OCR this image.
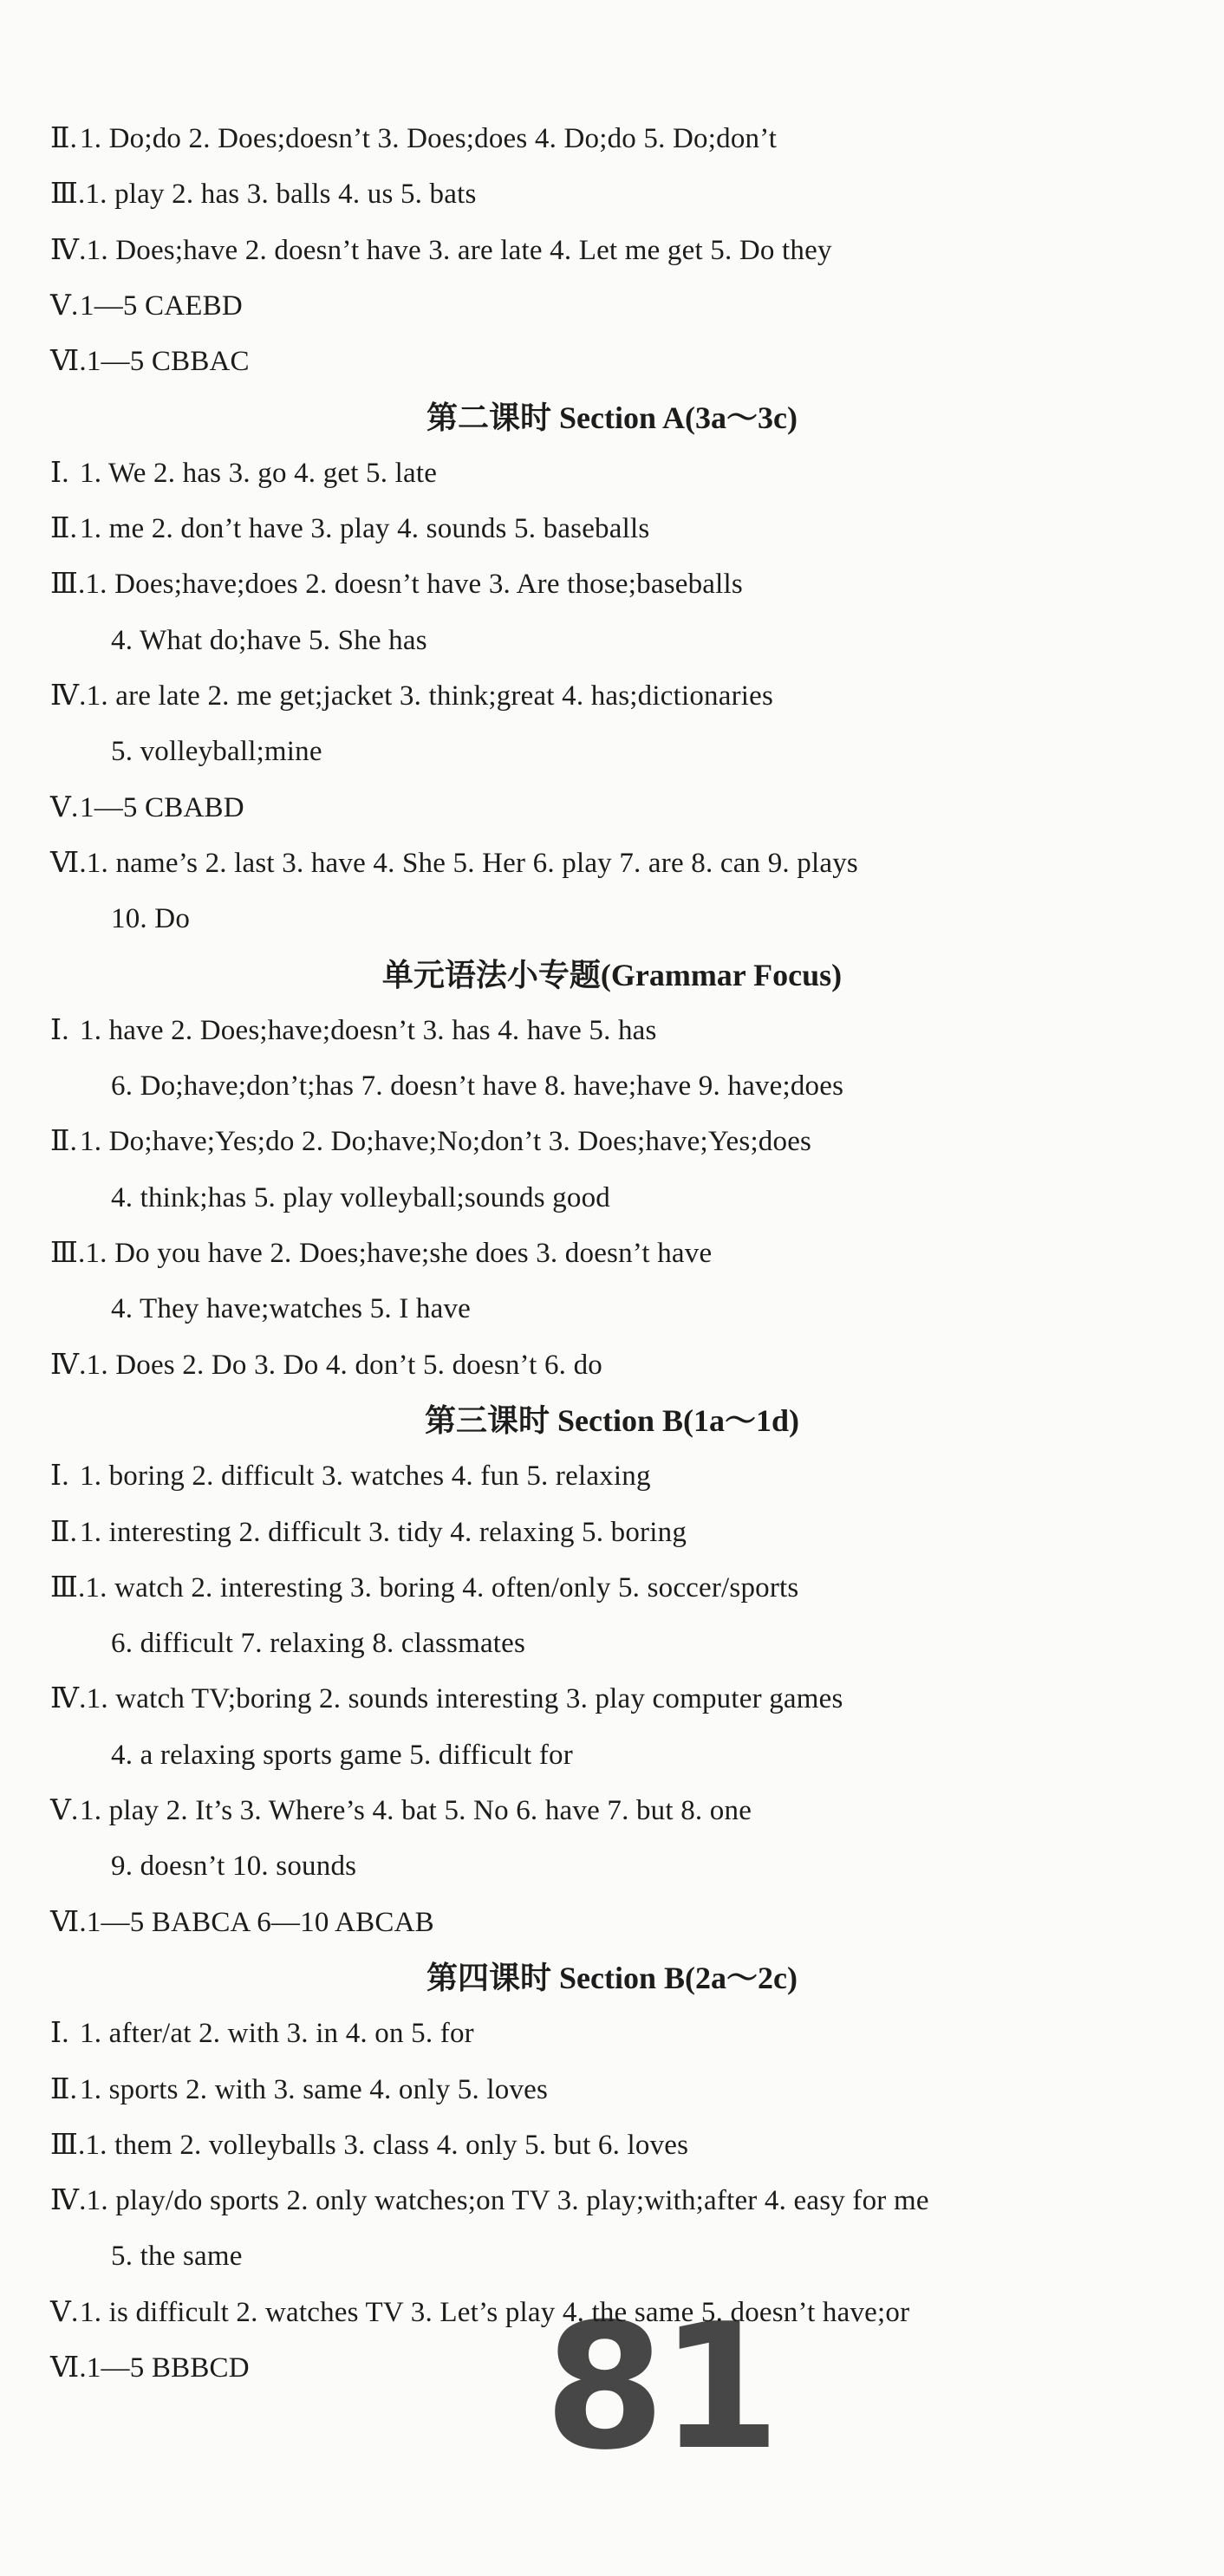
81
Ⅱ.1. Do;do 2. Does;doesn’t 3. Does;does 4. Do;do 5. Do;don’t
Ⅲ.1. play 2. has 3. balls 4. us 5. bats
Ⅳ.1. Does;have 2. doesn’t have 3. are late 4. Let me get 5. Do they
Ⅴ.1—5 CAEBD
Ⅵ.1—5 CBBAC
第二课时 Section A(3a～3c)
Ⅰ. 1. We 2. has 3. go 4. get 5. late
Ⅱ.1. me 2. don’t have 3. play 4. sounds 5. baseballs
Ⅲ.1. Does;have;does 2. doesn’t have 3. Are those;baseballs
4. What do;have 5. She has
Ⅳ.1. are late 2. me get;jacket 3. think;great 4. has;dictionaries
5. volleyball;mine
Ⅴ.1—5 CBABD
Ⅵ.1. name’s 2. last 3. have 4. She 5. Her 6. play 7. are 8. can 9. plays
10. Do
单元语法小专题(Grammar Focus)
Ⅰ. 1. have 2. Does;have;doesn’t 3. has 4. have 5. has
6. Do;have;don’t;has 7. doesn’t have 8. have;have 9. have;does
Ⅱ.1. Do;have;Yes;do 2. Do;have;No;don’t 3. Does;have;Yes;does
4. think;has 5. play volleyball;sounds good
Ⅲ.1. Do you have 2. Does;have;she does 3. doesn’t have
4. They have;watches 5. I have
Ⅳ.1. Does 2. Do 3. Do 4. don’t 5. doesn’t 6. do
第三课时 Section B(1a～1d)
Ⅰ. 1. boring 2. difficult 3. watches 4. fun 5. relaxing
Ⅱ.1. interesting 2. difficult 3. tidy 4. relaxing 5. boring
Ⅲ.1. watch 2. interesting 3. boring 4. often/only 5. soccer/sports
6. difficult 7. relaxing 8. classmates
Ⅳ.1. watch TV;boring 2. sounds interesting 3. play computer games
4. a relaxing sports game 5. difficult for
Ⅴ.1. play 2. It’s 3. Where’s 4. bat 5. No 6. have 7. but 8. one
9. doesn’t 10. sounds
Ⅵ.1—5 BABCA 6—10 ABCAB
第四课时 Section B(2a～2c)
Ⅰ. 1. after/at 2. with 3. in 4. on 5. for
Ⅱ.1. sports 2. with 3. same 4. only 5. loves
Ⅲ.1. them 2. volleyballs 3. class 4. only 5. but 6. loves
Ⅳ.1. play/do sports 2. only watches;on TV 3. play;with;after 4. easy for me
5. the same
Ⅴ.1. is difficult 2. watches TV 3. Let’s play 4. the same 5. doesn’t have;or
Ⅵ.1—5 BBBCD
